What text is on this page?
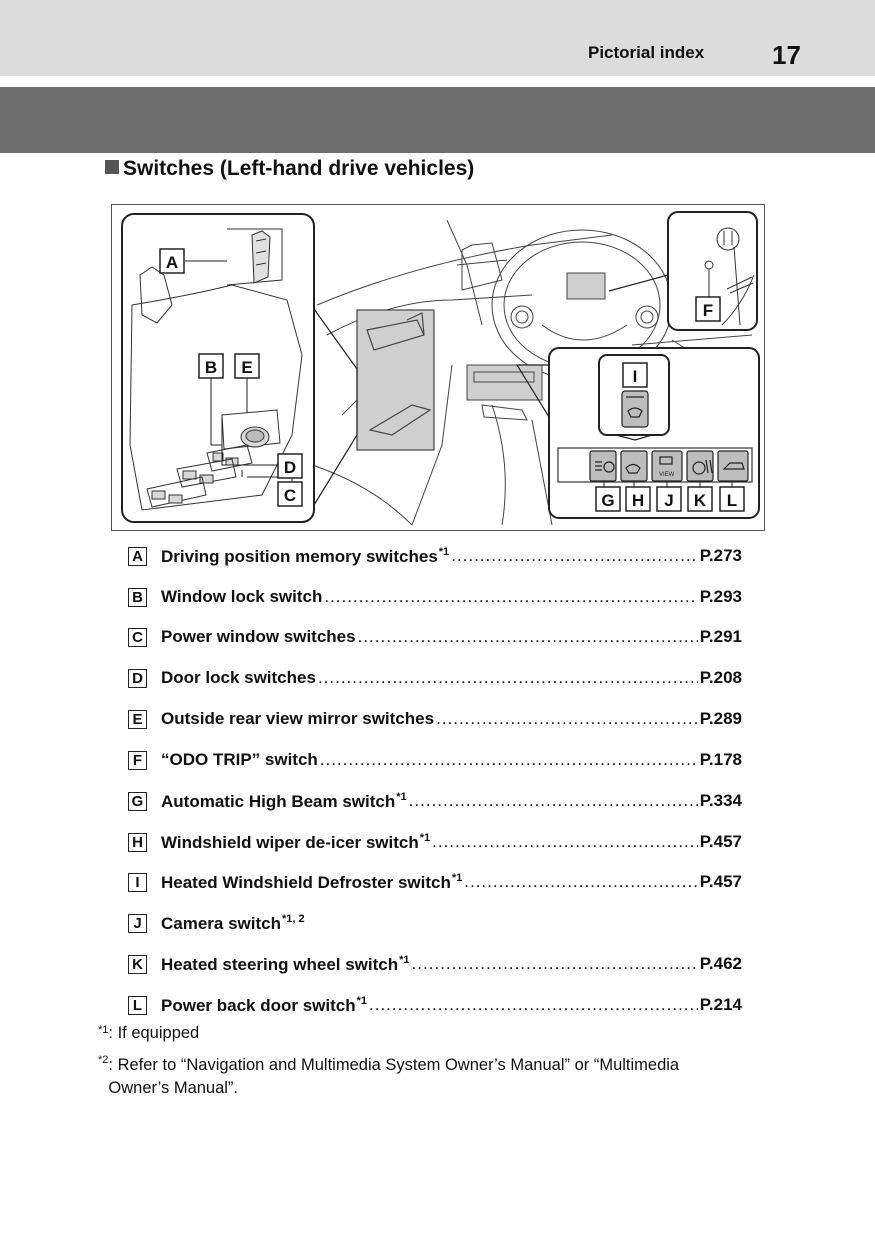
Pictorial index	17
Switches (Left-hand drive vehicles)
VIEW
A
B
C
D
E
F
G H
I
J K L
A Driving position memory switches$^{*1}$ .....	P.273
B Window lock switch .....	P.293
C Power window switches .....	P.291
D Door lock switches .....	P.208
E Outside rear view mirror switches .....	P.289
F “ODO TRIP” switch .....	P.178
G Automatic High Beam switch$^{*1}$ .....	P.334
H Windshield wiper de-icer switch$^{*1}$ .....	P.457
I	Heated Windshield Defroster switch$^{*1}$ .....	P.457
J	Camera switch$^{*1, 2}$
K Heated steering wheel switch$^{*1}$ .....	P.462
L Power back door switch$^{*1}$ .....	P.214
$^{*1}$: If equipped
$^{*2}$: Refer to “Navigation and Multimedia System Owner’s Manual” or “Multimedia Owner’s Manual”.
